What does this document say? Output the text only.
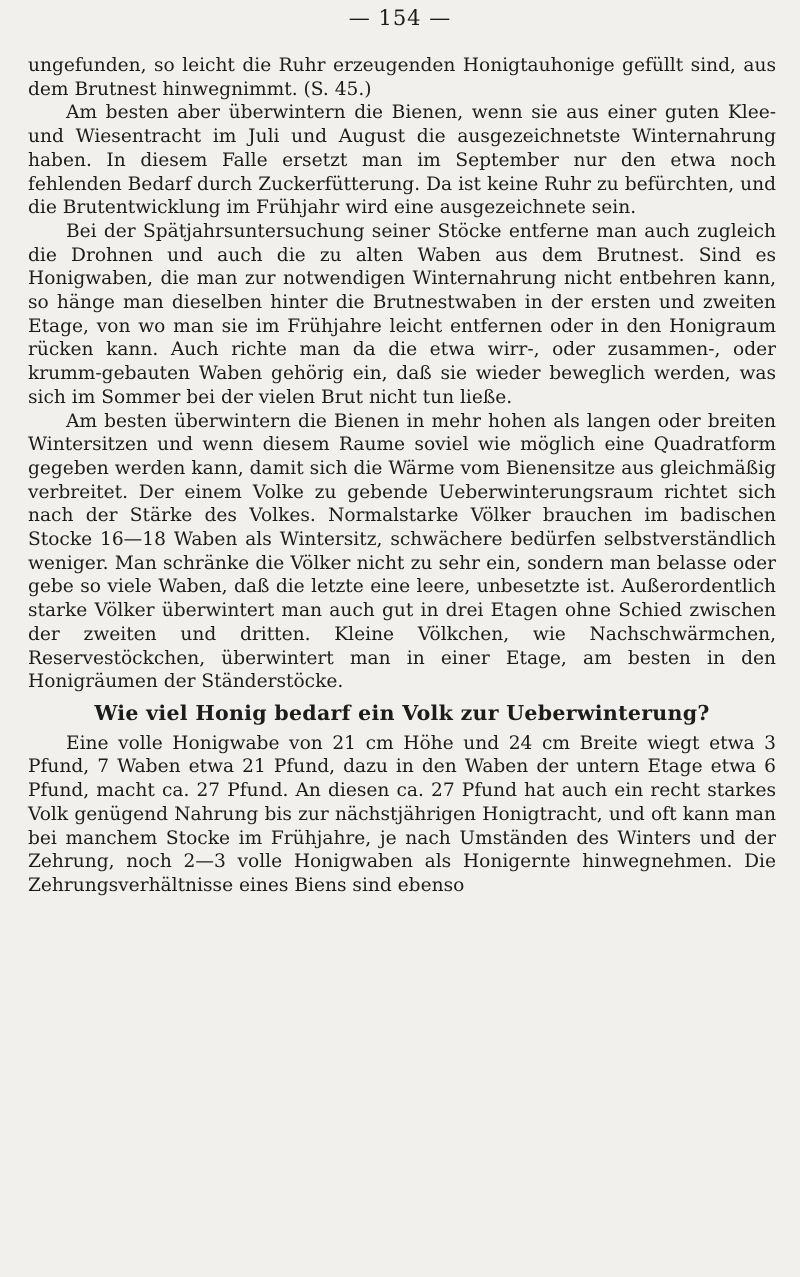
— 154 —

ungefunden, so leicht die Ruhr erzeugenden Honigtauhonige gefüllt sind, aus dem Brutnest hinwegnimmt. (S. 45.)

Am besten aber überwintern die Bienen, wenn sie aus einer guten Klee- und Wiesentracht im Juli und August die ausgezeichnetste Winternahrung haben. In diesem Falle ersetzt man im September nur den etwa noch fehlenden Bedarf durch Zuckerfütterung. Da ist keine Ruhr zu befürchten, und die Brutentwicklung im Frühjahr wird eine ausgezeichnete sein.

Bei der Spätjahrsuntersuchung seiner Stöcke entferne man auch zugleich die Drohnen und auch die zu alten Waben aus dem Brutnest. Sind es Honigwaben, die man zur notwendigen Winternahrung nicht entbehren kann, so hänge man dieselben hinter die Brutnestwaben in der ersten und zweiten Etage, von wo man sie im Frühjahre leicht entfernen oder in den Honigraum rücken kann. Auch richte man da die etwa wirr-, oder zusammen-, oder krumm-gebauten Waben gehörig ein, daß sie wieder beweglich werden, was sich im Sommer bei der vielen Brut nicht tun ließe.

Am besten überwintern die Bienen in mehr hohen als langen oder breiten Wintersitzen und wenn diesem Raume soviel wie möglich eine Quadratform gegeben werden kann, damit sich die Wärme vom Bienensitze aus gleichmäßig verbreitet. Der einem Volke zu gebende Ueberwinterungsraum richtet sich nach der Stärke des Volkes. Normalstarke Völker brauchen im badischen Stocke 16—18 Waben als Wintersitz, schwächere bedürfen selbstverständlich weniger. Man schränke die Völker nicht zu sehr ein, sondern man belasse oder gebe so viele Waben, daß die letzte eine leere, unbesetzte ist. Außerordentlich starke Völker überwintert man auch gut in drei Etagen ohne Schied zwischen der zweiten und dritten. Kleine Völkchen, wie Nachschwärmchen, Reservestöckchen, überwintert man in einer Etage, am besten in den Honigräumen der Ständerstöcke.

Wie viel Honig bedarf ein Volk zur Ueberwinterung?

Eine volle Honigwabe von 21 cm Höhe und 24 cm Breite wiegt etwa 3 Pfund, 7 Waben etwa 21 Pfund, dazu in den Waben der untern Etage etwa 6 Pfund, macht ca. 27 Pfund. An diesen ca. 27 Pfund hat auch ein recht starkes Volk genügend Nahrung bis zur nächstjährigen Honigtracht, und oft kann man bei manchem Stocke im Frühjahre, je nach Umständen des Winters und der Zehrung, noch 2—3 volle Honigwaben als Honigernte hinwegnehmen. Die Zehrungsverhältnisse eines Biens sind ebenso
